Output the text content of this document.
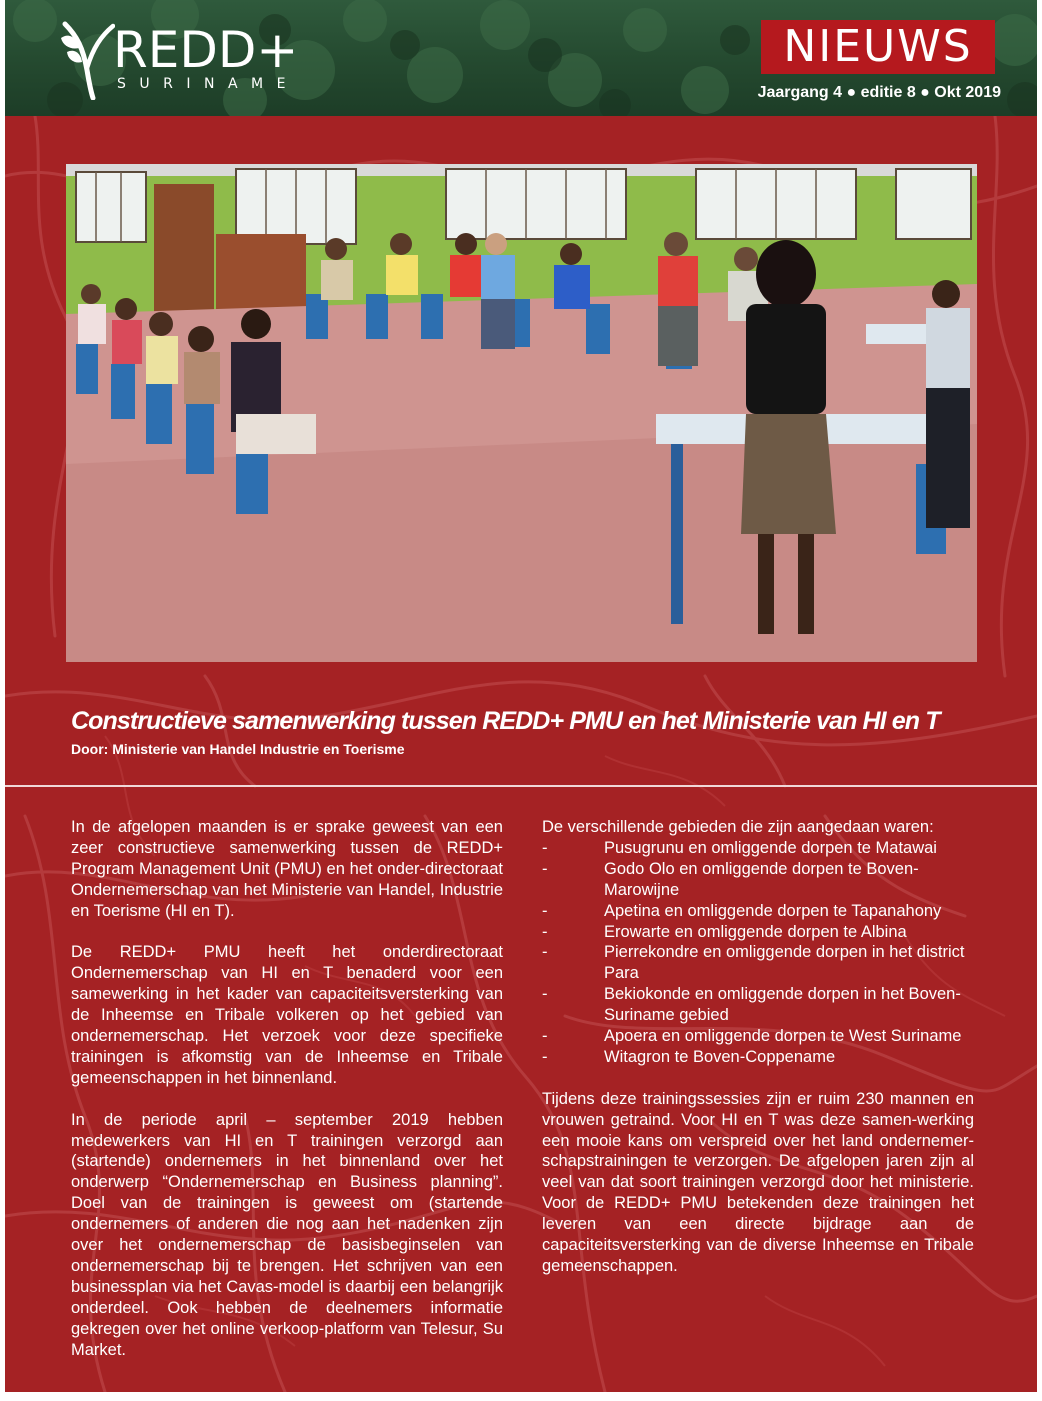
REDD+
SURINAME
NIEUWS
Jaargang 4 ● editie 8 ● Okt 2019
Constructieve samenwerking tussen REDD+ PMU en het Ministerie van HI en T
Door: Ministerie van Handel Industrie en Toerisme

In de afgelopen maanden is er sprake geweest van een zeer constructieve samenwerking tussen de REDD+ Program Management Unit (PMU) en het onder-directoraat Ondernemerschap van het Ministerie van Handel, Industrie en Toerisme (HI en T).

De REDD+ PMU heeft het onderdirectoraat Ondernemerschap van HI en T benaderd voor een samewerking in het kader van capaciteitsversterking van de Inheemse en Tribale volkeren op het gebied van ondernemerschap. Het verzoek voor deze specifieke trainingen is afkomstig van de Inheemse en Tribale gemeenschappen in het binnenland.

In de periode april – september 2019 hebben medewerkers van HI en T trainingen verzorgd aan (startende) ondernemers in het binnenland over het onderwerp “Ondernemerschap en Business planning”. Doel van de trainingen is geweest om (startende ondernemers of anderen die nog aan het nadenken zijn over het ondernemerschap de basisbeginselen van ondernemerschap bij te brengen. Het schrijven van een businessplan via het Cavas-model is daarbij een belangrijk onderdeel. Ook hebben de deelnemers informatie gekregen over het online verkoop-platform van Telesur, Su Market.

De verschillende gebieden die zijn aangedaan waren:
-	Pusugrunu en omliggende dorpen te Matawai
-	Godo Olo en omliggende dorpen te Boven-Marowijne
-	Apetina en omliggende dorpen te Tapanahony
-	Erowarte en omliggende dorpen te Albina
-	Pierrekondre en omliggende dorpen in het district Para
-	Bekiokonde en omliggende dorpen in het Boven-Suriname gebied
-	Apoera en omliggende dorpen te West Suriname
-	Witagron te Boven-Coppename

Tijdens deze trainingssessies zijn er ruim 230 mannen en vrouwen getraind. Voor HI en T was deze samen-werking een mooie kans om verspreid over het land ondernemer-schapstrainingen te verzorgen. De afgelopen jaren zijn al veel van dat soort trainingen verzorgd door het ministerie. Voor de REDD+ PMU betekenden deze trainingen het leveren van een directe bijdrage aan de capaciteitsversterking van de diverse Inheemse en Tribale gemeenschappen.
